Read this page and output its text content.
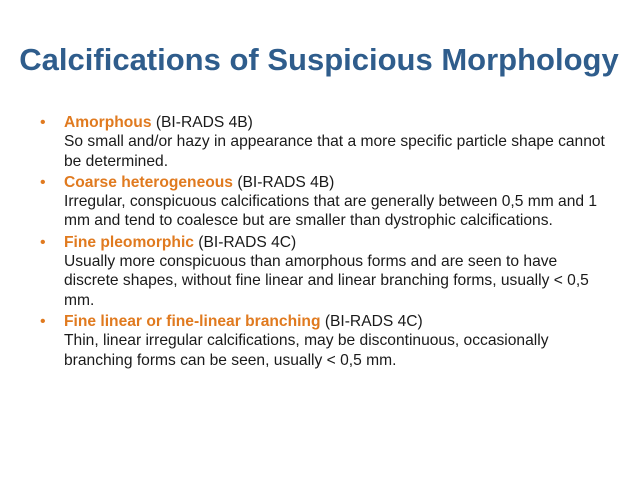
Calcifications of Suspicious Morphology
• Amorphous (BI-RADS 4B)
So small and/or hazy in appearance that a more specific particle shape cannot be determined.
• Coarse heterogeneous (BI-RADS 4B)
Irregular, conspicuous calcifications that are generally between 0,5 mm and 1 mm and tend to coalesce but are smaller than dystrophic calcifications.
• Fine pleomorphic (BI-RADS 4C)
Usually more conspicuous than amorphous forms and are seen to have discrete shapes, without fine linear and linear branching forms, usually < 0,5 mm.
• Fine linear or fine-linear branching (BI-RADS 4C)
Thin, linear irregular calcifications, may be discontinuous, occasionally branching forms can be seen, usually < 0,5 mm.
